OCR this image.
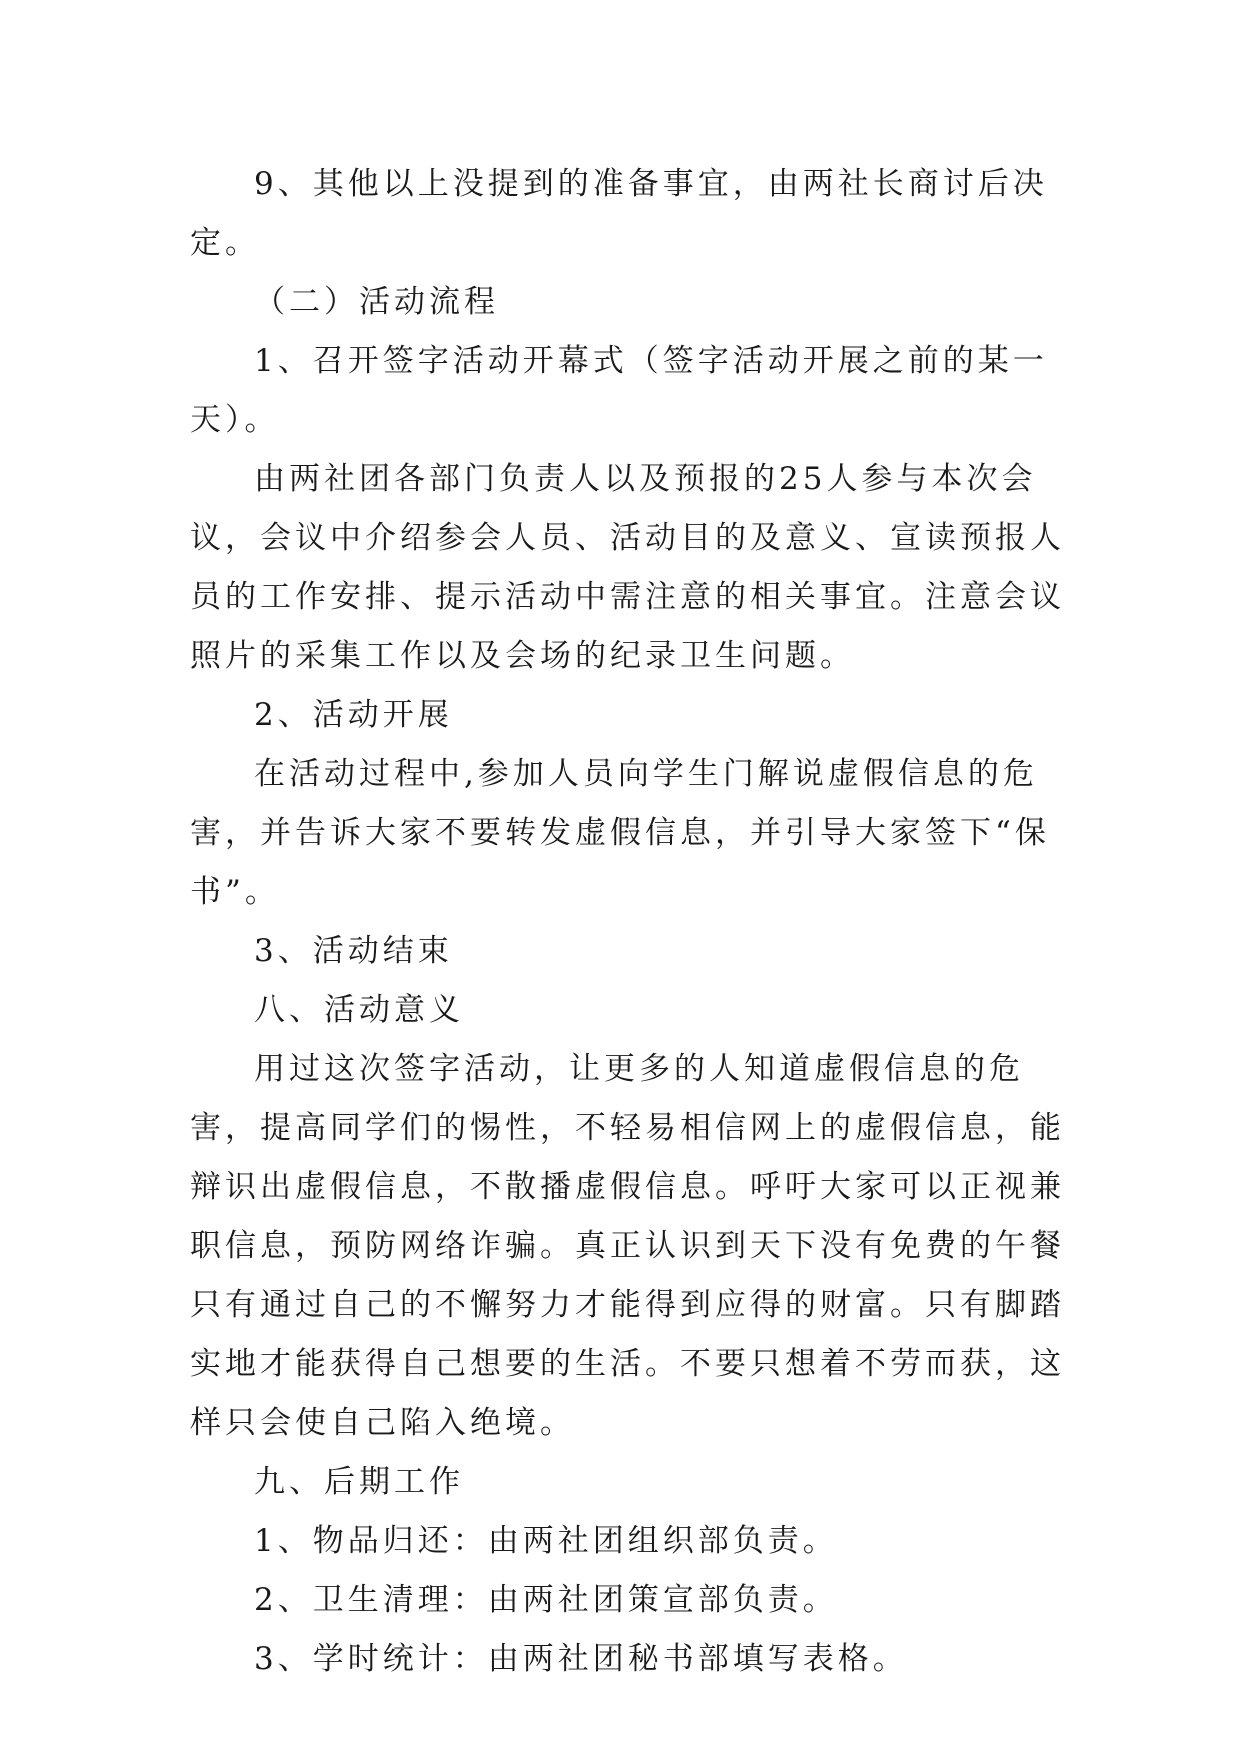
9、其他以上没提到的准备事宜，由两社长商讨后决定。

（二）活动流程

1、召开签字活动开幕式（签字活动开展之前的某一天）。

由两社团各部门负责人以及预报的25人参与本次会议，会议中介绍参会人员、活动目的及意义、宣读预报人员的工作安排、提示活动中需注意的相关事宜。注意会议照片的采集工作以及会场的纪录卫生问题。

2、活动开展

在活动过程中,参加人员向学生门解说虚假信息的危害，并告诉大家不要转发虚假信息，并引导大家签下“保书”。

3、活动结束

八、活动意义

用过这次签字活动，让更多的人知道虚假信息的危害，提高同学们的惕性，不轻易相信网上的虚假信息，能辩识出虚假信息，不散播虚假信息。呼吁大家可以正视兼职信息，预防网络诈骗。真正认识到天下没有免费的午餐只有通过自己的不懈努力才能得到应得的财富。只有脚踏实地才能获得自己想要的生活。不要只想着不劳而获，这样只会使自己陷入绝境。

九、后期工作

1、物品归还：由两社团组织部负责。

2、卫生清理：由两社团策宣部负责。

3、学时统计：由两社团秘书部填写表格。
